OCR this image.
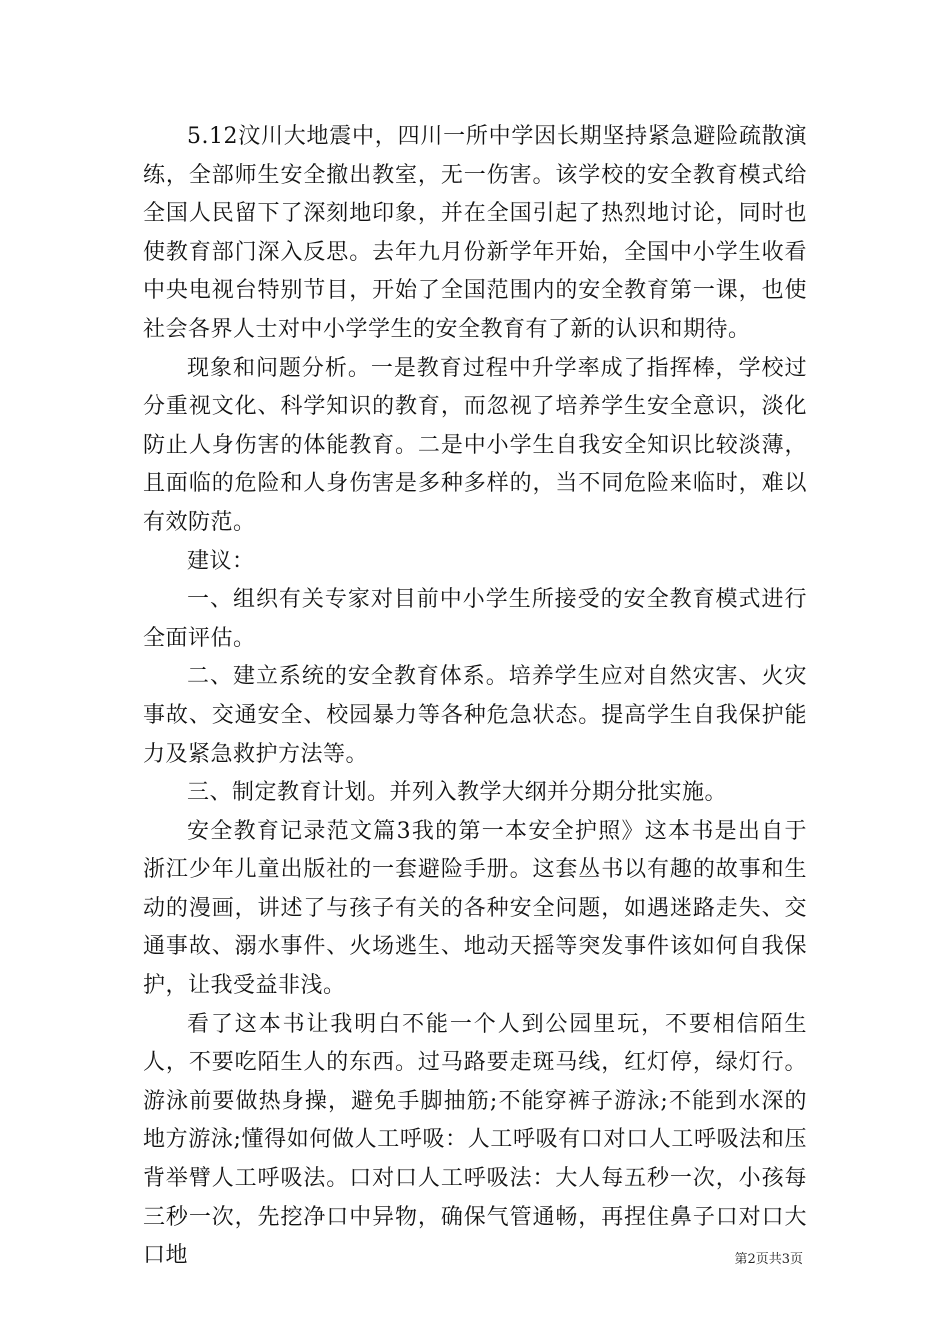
5.12汶川大地震中，四川一所中学因长期坚持紧急避险疏散演练，全部师生安全撤出教室，无一伤害。该学校的安全教育模式给全国人民留下了深刻地印象，并在全国引起了热烈地讨论，同时也使教育部门深入反思。去年九月份新学年开始，全国中小学生收看中央电视台特别节目，开始了全国范围内的安全教育第一课，也使社会各界人士对中小学学生的安全教育有了新的认识和期待。

现象和问题分析。一是教育过程中升学率成了指挥棒，学校过分重视文化、科学知识的教育，而忽视了培养学生安全意识，淡化防止人身伤害的体能教育。二是中小学生自我安全知识比较淡薄，且面临的危险和人身伤害是多种多样的，当不同危险来临时，难以有效防范。

建议：

一、组织有关专家对目前中小学生所接受的安全教育模式进行全面评估。

二、建立系统的安全教育体系。培养学生应对自然灾害、火灾事故、交通安全、校园暴力等各种危急状态。提高学生自我保护能力及紧急救护方法等。

三、制定教育计划。并列入教学大纲并分期分批实施。

安全教育记录范文篇3我的第一本安全护照》这本书是出自于浙江少年儿童出版社的一套避险手册。这套丛书以有趣的故事和生动的漫画，讲述了与孩子有关的各种安全问题，如遇迷路走失、交通事故、溺水事件、火场逃生、地动天摇等突发事件该如何自我保护，让我受益非浅。

看了这本书让我明白不能一个人到公园里玩，不要相信陌生人，不要吃陌生人的东西。过马路要走斑马线，红灯停，绿灯行。游泳前要做热身操，避免手脚抽筋;不能穿裤子游泳;不能到水深的地方游泳;懂得如何做人工呼吸：人工呼吸有口对口人工呼吸法和压背举臂人工呼吸法。口对口人工呼吸法：大人每五秒一次，小孩每三秒一次，先挖净口中异物，确保气管通畅，再捏住鼻子口对口大口地	第2页共3页
